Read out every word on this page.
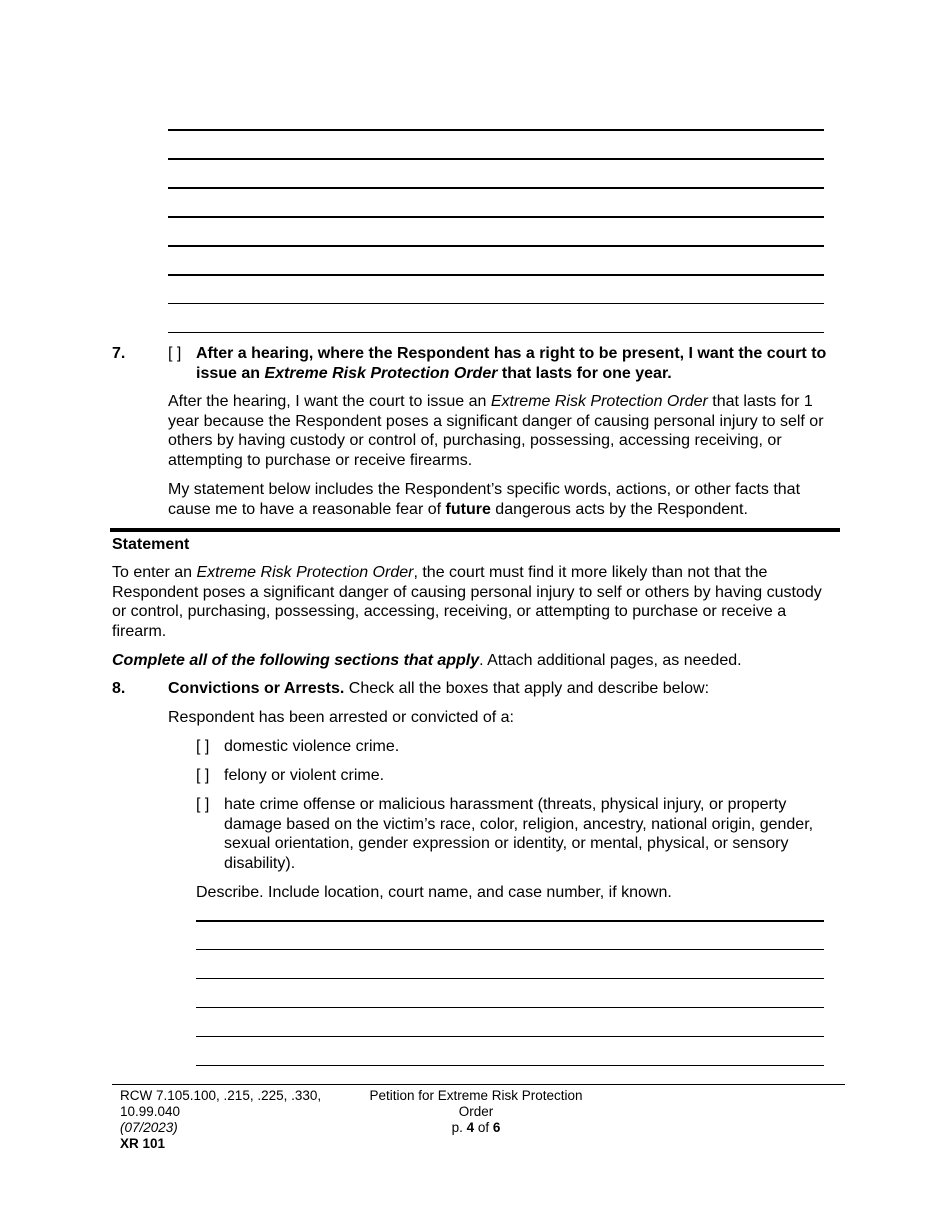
7.	[ ] After a hearing, where the Respondent has a right to be present, I want the court to issue an Extreme Risk Protection Order that lasts for one year.
After the hearing, I want the court to issue an Extreme Risk Protection Order that lasts for 1 year because the Respondent poses a significant danger of causing personal injury to self or others by having custody or control of, purchasing, possessing, accessing receiving, or attempting to purchase or receive firearms.
My statement below includes the Respondent’s specific words, actions, or other facts that cause me to have a reasonable fear of future dangerous acts by the Respondent.
Statement
To enter an Extreme Risk Protection Order, the court must find it more likely than not that the Respondent poses a significant danger of causing personal injury to self or others by having custody or control, purchasing, possessing, accessing, receiving, or attempting to purchase or receive a firearm.
Complete all of the following sections that apply. Attach additional pages, as needed.
8.	Convictions or Arrests. Check all the boxes that apply and describe below:
Respondent has been arrested or convicted of a:
[ ] domestic violence crime.
[ ] felony or violent crime.
[ ] hate crime offense or malicious harassment (threats, physical injury, or property damage based on the victim’s race, color, religion, ancestry, national origin, gender, sexual orientation, gender expression or identity, or mental, physical, or sensory disability).
Describe. Include location, court name, and case number, if known.
RCW 7.105.100, .215, .225, .330,
10.99.040
(07/2023)
XR 101
Petition for Extreme Risk Protection
Order
p. 4 of 6
